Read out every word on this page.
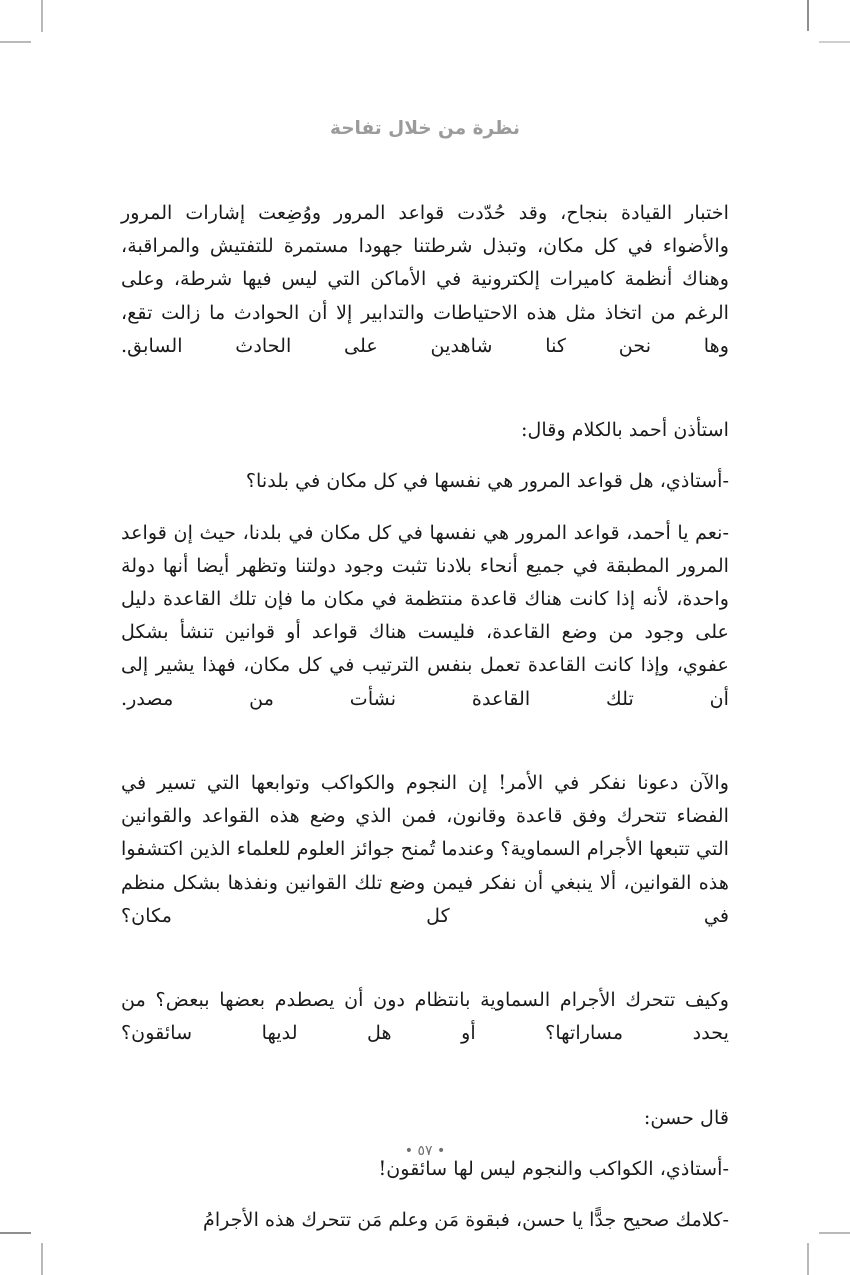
نظرة من خلال تفاحة

اختبار القيادة بنجاح، وقد حُدّدت قواعد المرور ووُضِعت إشارات المرور والأضواء في كل مكان، وتبذل شرطتنا جهودا مستمرة للتفتيش والمراقبة، وهناك أنظمة كاميرات إلكترونية في الأماكن التي ليس فيها شرطة، وعلى الرغم من اتخاذ مثل هذه الاحتياطات والتدابير إلا أن الحوادث ما زالت تقع، وها نحن كنا شاهدين على الحادث السابق.

استأذن أحمد بالكلام وقال:

-أستاذي، هل قواعد المرور هي نفسها في كل مكان في بلدنا؟

-نعم يا أحمد، قواعد المرور هي نفسها في كل مكان في بلدنا، حيث إن قواعد المرور المطبقة في جميع أنحاء بلادنا تثبت وجود دولتنا وتظهر أيضا أنها دولة واحدة، لأنه إذا كانت هناك قاعدة منتظمة في مكان ما فإن تلك القاعدة دليل على وجود من وضع القاعدة، فليست هناك قواعد أو قوانين تنشأ بشكل عفوي، وإذا كانت القاعدة تعمل بنفس الترتيب في كل مكان، فهذا يشير إلى أن تلك القاعدة نشأت من مصدر.

والآن دعونا نفكر في الأمر! إن النجوم والكواكب وتوابعها التي تسير في الفضاء تتحرك وفق قاعدة وقانون، فمن الذي وضع هذه القواعد والقوانين التي تتبعها الأجرام السماوية؟ وعندما تُمنح جوائز العلوم للعلماء الذين اكتشفوا هذه القوانين، ألا ينبغي أن نفكر فيمن وضع تلك القوانين ونفذها بشكل منظم في كل مكان؟

وكيف تتحرك الأجرام السماوية بانتظام دون أن يصطدم بعضها ببعض؟ من يحدد مساراتها؟ أو هل لديها سائقون؟

قال حسن:

-أستاذي، الكواكب والنجوم ليس لها سائقون!

-كلامك صحيح جدًّا يا حسن، فبقوة مَن وعلم مَن تتحرك هذه الأجرامُ

• ٥٧ •
